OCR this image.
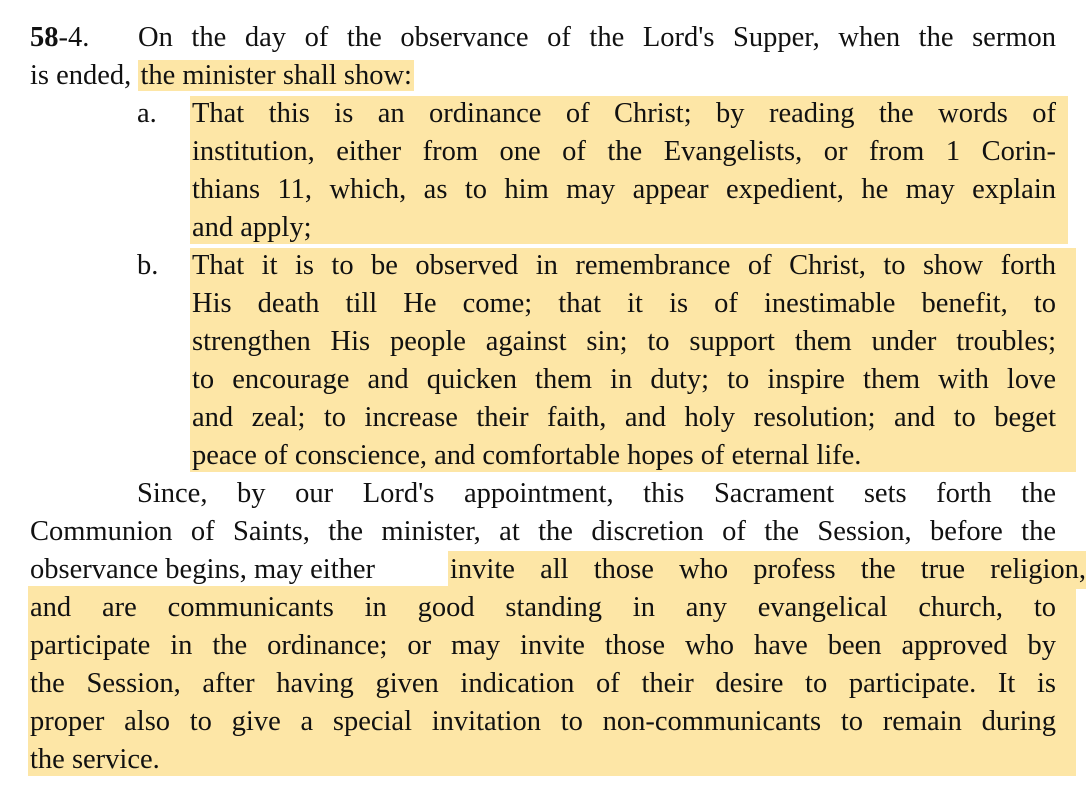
58-4. On the day of the observance of the Lord's Supper, when the sermon
is ended, the minister shall show:
a. That this is an ordinance of Christ; by reading the words of
institution, either from one of the Evangelists, or from 1 Corin-
thians 11, which, as to him may appear expedient, he may explain
and apply;
b. That it is to be observed in remembrance of Christ, to show forth
His death till He come; that it is of inestimable benefit, to
strengthen His people against sin; to support them under troubles;
to encourage and quicken them in duty; to inspire them with love
and zeal; to increase their faith, and holy resolution; and to beget
peace of conscience, and comfortable hopes of eternal life.
Since, by our Lord's appointment, this Sacrament sets forth the
Communion of Saints, the minister, at the discretion of the Session, before the
observance begins, may either	invite all those who profess the true religion,
and are communicants in good standing in any evangelical church, to
participate in the ordinance; or may invite those who have been approved by
the Session, after having given indication of their desire to participate. It is
proper also to give a special invitation to non-communicants to remain during
the service.
